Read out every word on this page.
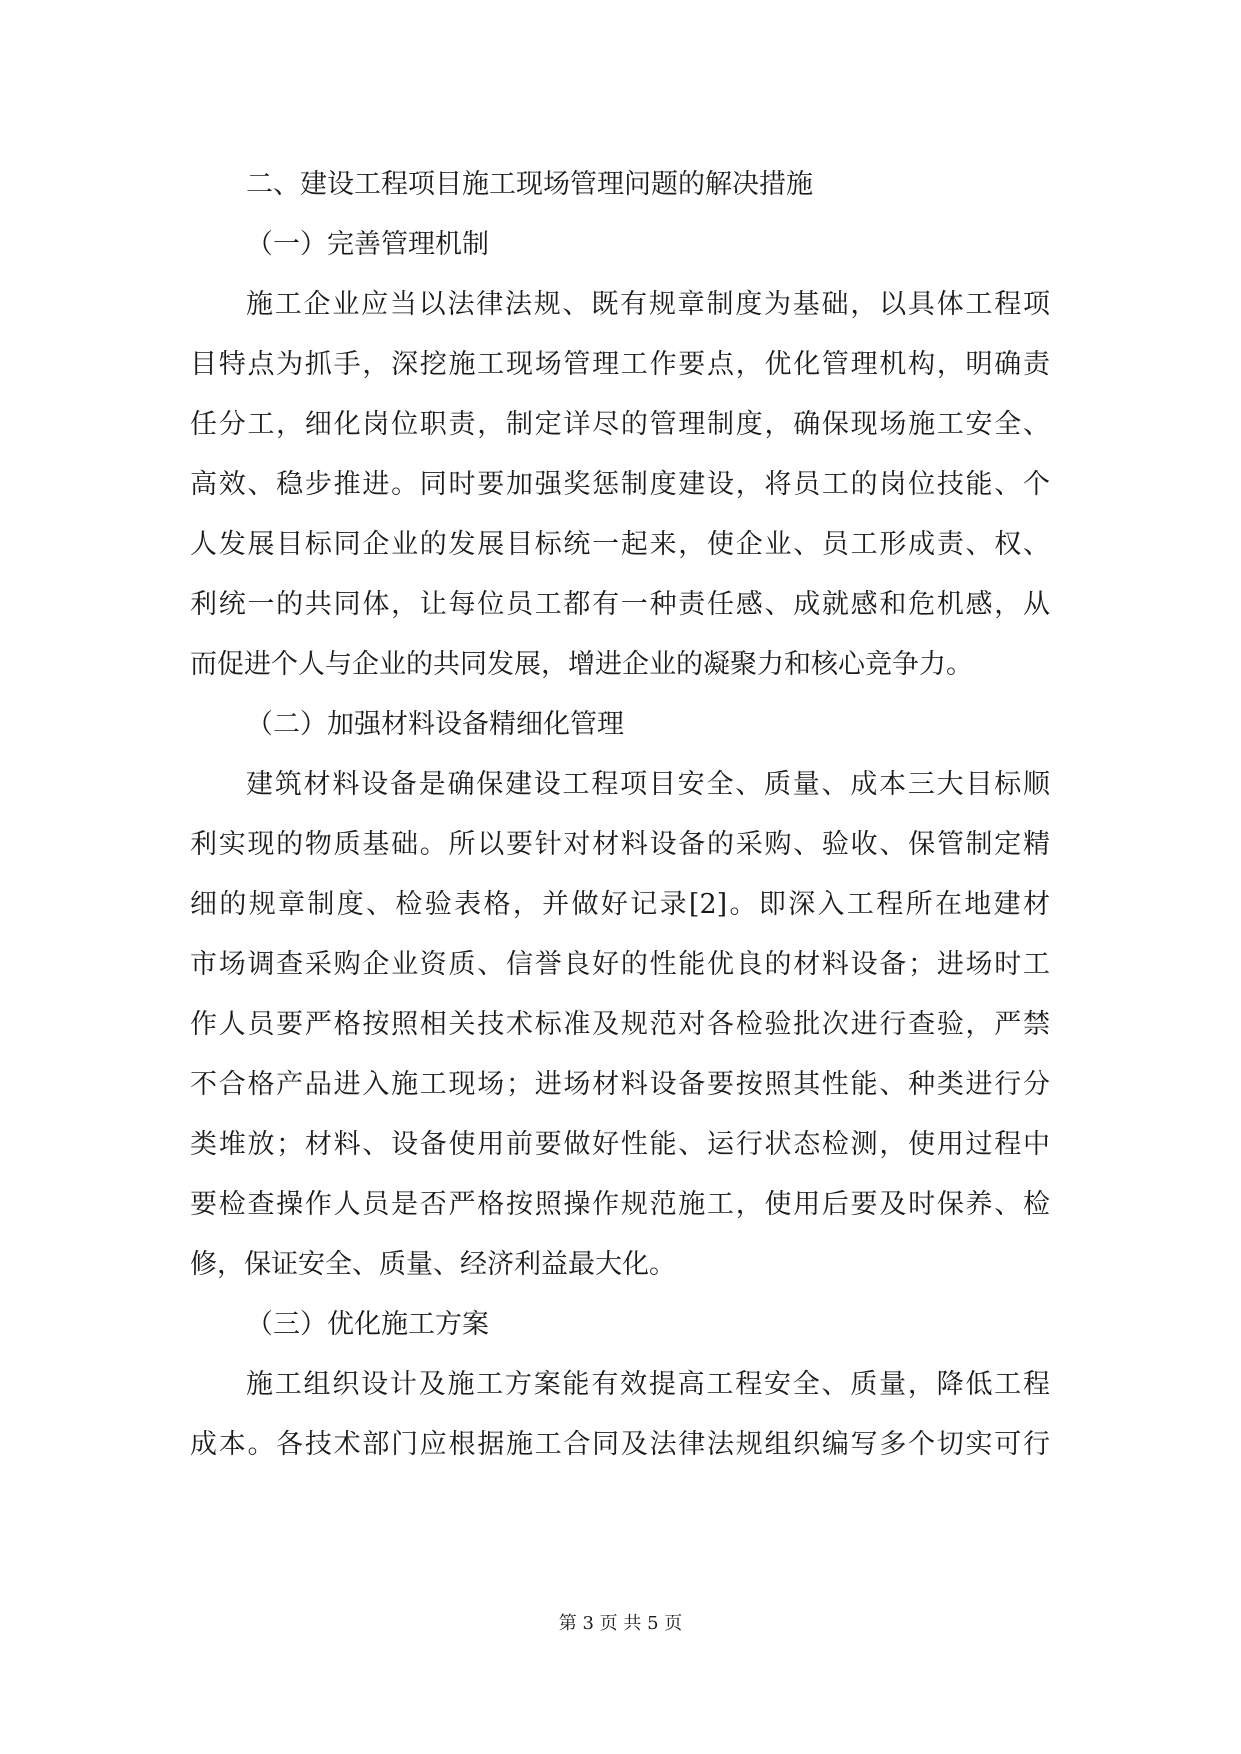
二、建设工程项目施工现场管理问题的解决措施
（一）完善管理机制
施工企业应当以法律法规、既有规章制度为基础，以具体工程项
目特点为抓手，深挖施工现场管理工作要点，优化管理机构，明确责
任分工，细化岗位职责，制定详尽的管理制度，确保现场施工安全、
高效、稳步推进。同时要加强奖惩制度建设，将员工的岗位技能、个
人发展目标同企业的发展目标统一起来，使企业、员工形成责、权、
利统一的共同体，让每位员工都有一种责任感、成就感和危机感，从
而促进个人与企业的共同发展，增进企业的凝聚力和核心竞争力。
（二）加强材料设备精细化管理
建筑材料设备是确保建设工程项目安全、质量、成本三大目标顺
利实现的物质基础。所以要针对材料设备的采购、验收、保管制定精
细的规章制度、检验表格，并做好记录[2]。即深入工程所在地建材
市场调查采购企业资质、信誉良好的性能优良的材料设备；进场时工
作人员要严格按照相关技术标准及规范对各检验批次进行查验，严禁
不合格产品进入施工现场；进场材料设备要按照其性能、种类进行分
类堆放；材料、设备使用前要做好性能、运行状态检测，使用过程中
要检查操作人员是否严格按照操作规范施工，使用后要及时保养、检
修，保证安全、质量、经济利益最大化。
（三）优化施工方案
施工组织设计及施工方案能有效提高工程安全、质量，降低工程
成本。各技术部门应根据施工合同及法律法规组织编写多个切实可行
第 3 页 共 5 页
